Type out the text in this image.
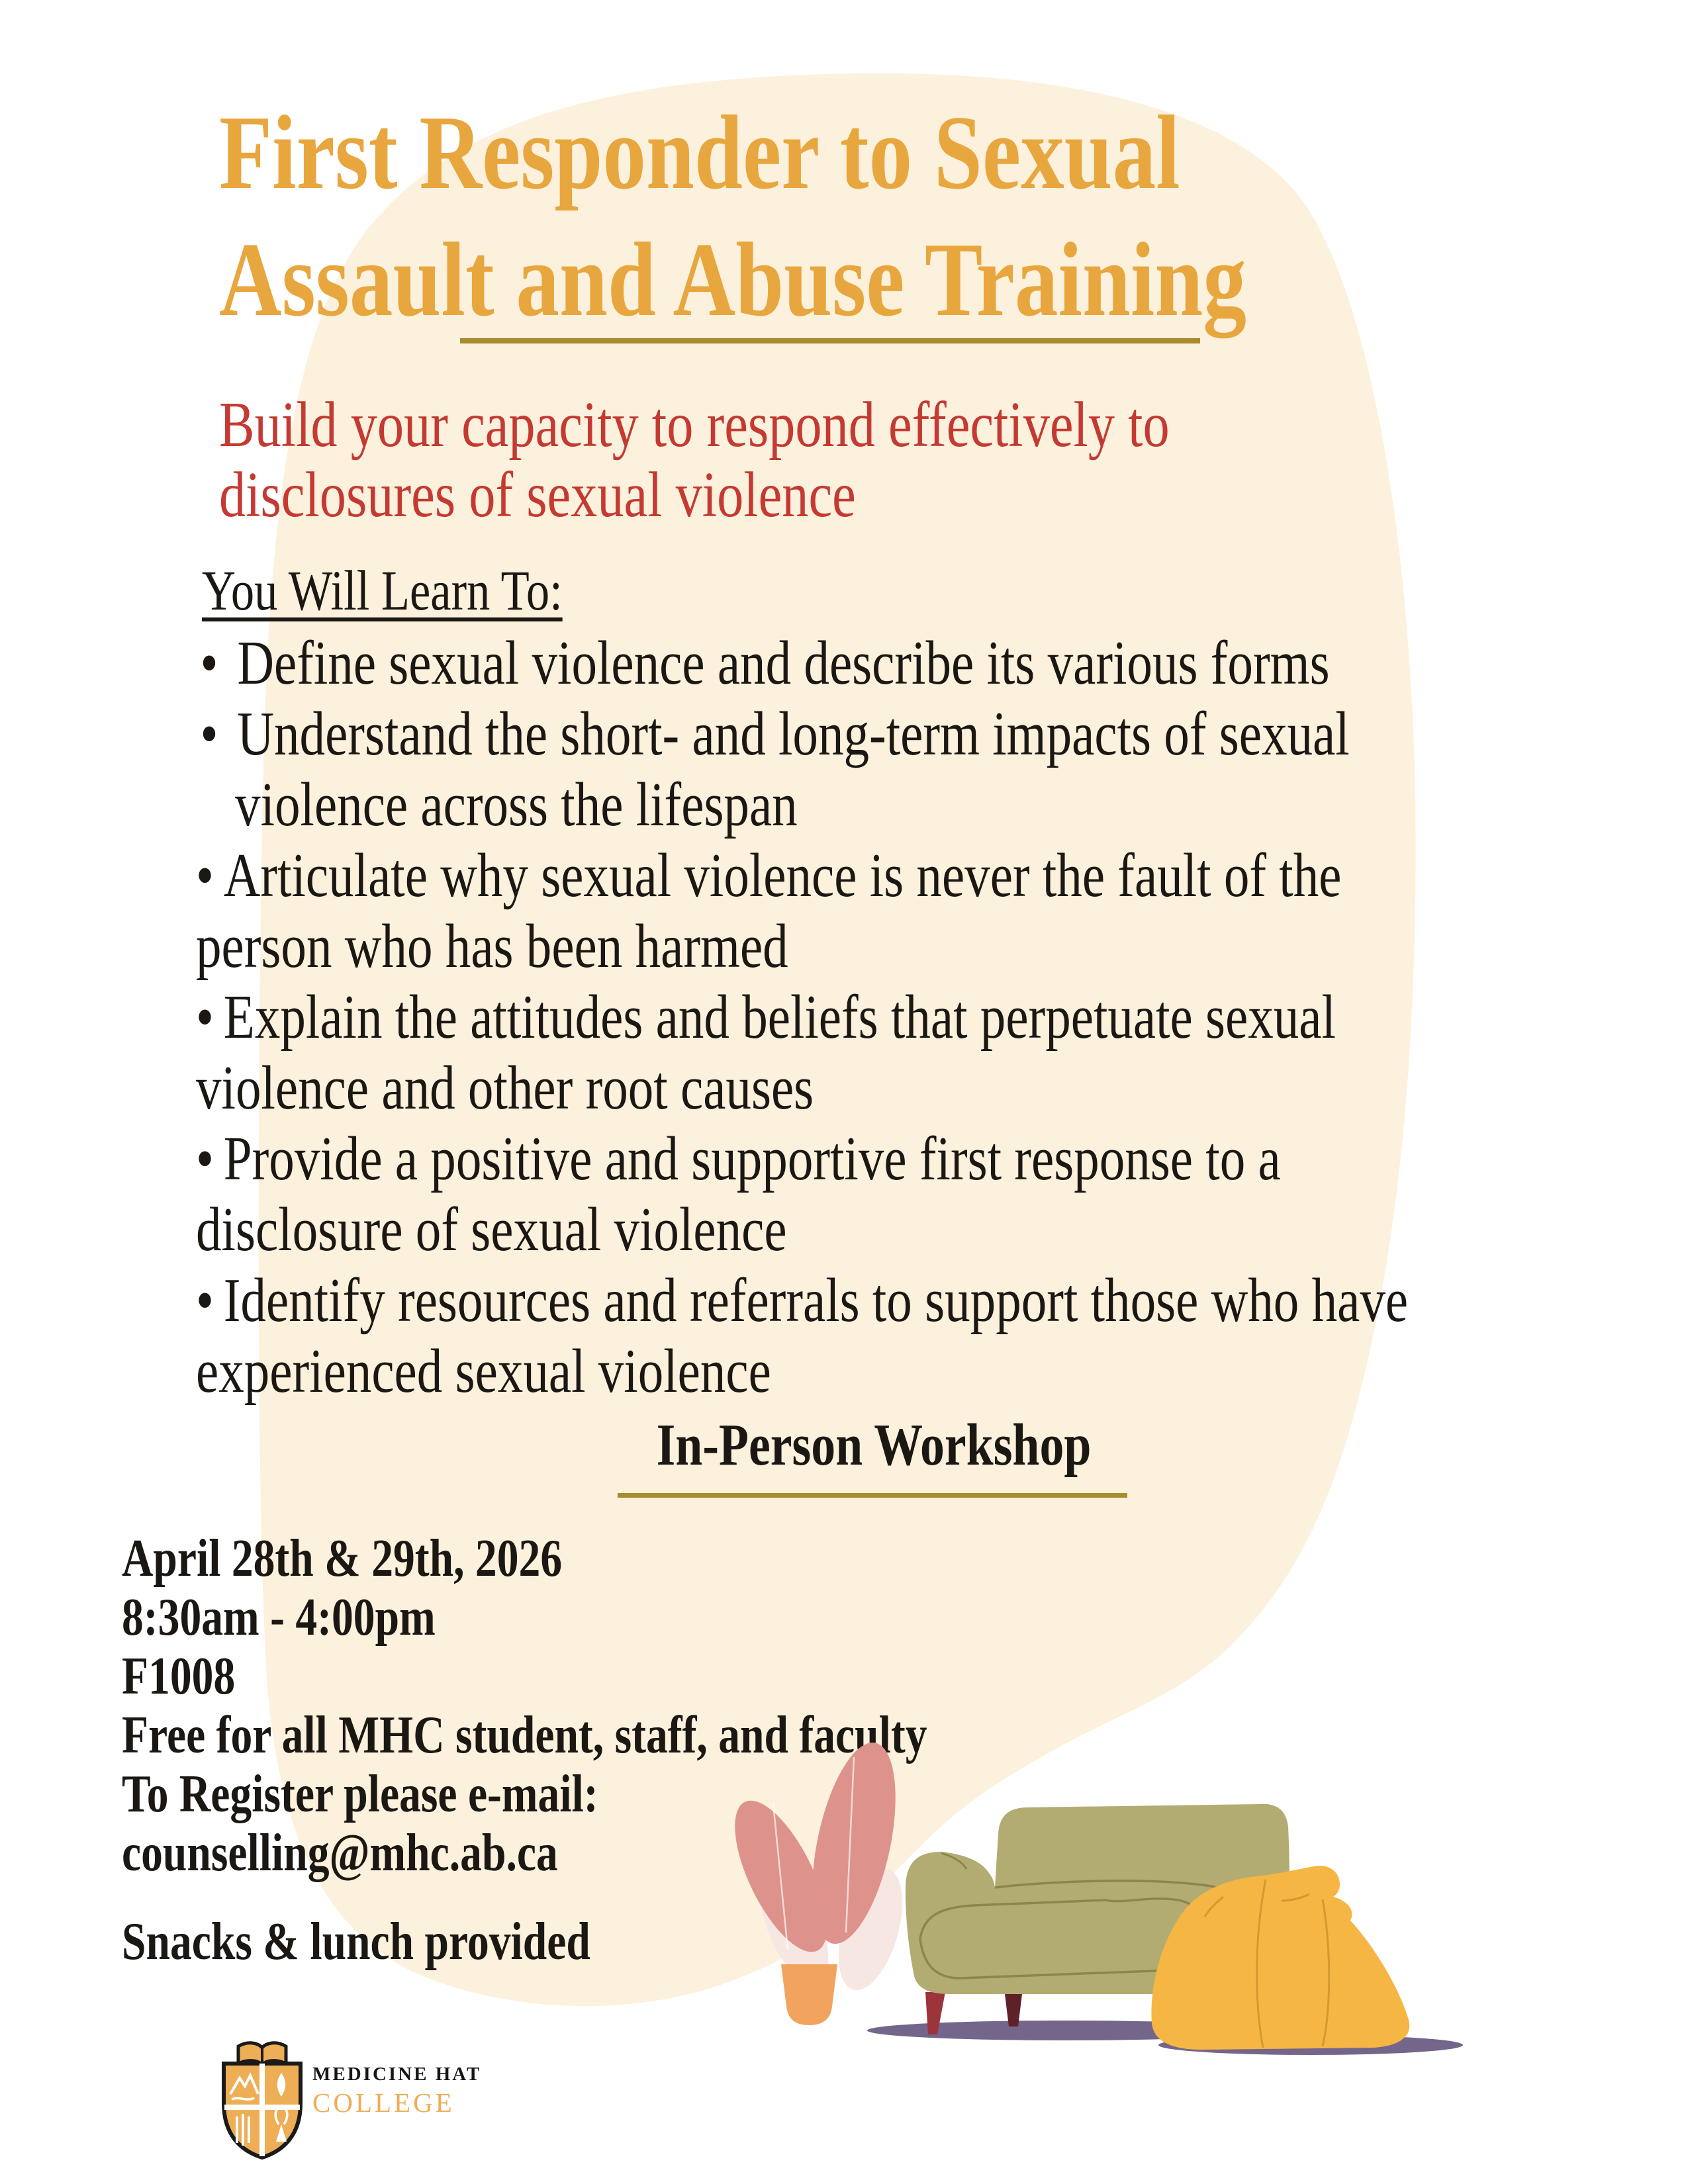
First Responder to Sexual
Assault and Abuse Training
Build your capacity to respond effectively to
disclosures of sexual violence
You Will Learn To:
• Define sexual violence and describe its various forms
• Understand the short- and long-term impacts of sexual
violence across the lifespan
• Articulate why sexual violence is never the fault of the
person who has been harmed
• Explain the attitudes and beliefs that perpetuate sexual
violence and other root causes
• Provide a positive and supportive first response to a
disclosure of sexual violence
• Identify resources and referrals to support those who have
experienced sexual violence
In-Person Workshop
April 28th & 29th, 2026
8:30am - 4:00pm
F1008
Free for all MHC student, staff, and faculty
To Register please e-mail:
counselling@mhc.ab.ca
Snacks & lunch provided
MEDICINE HAT
COLLEGE
